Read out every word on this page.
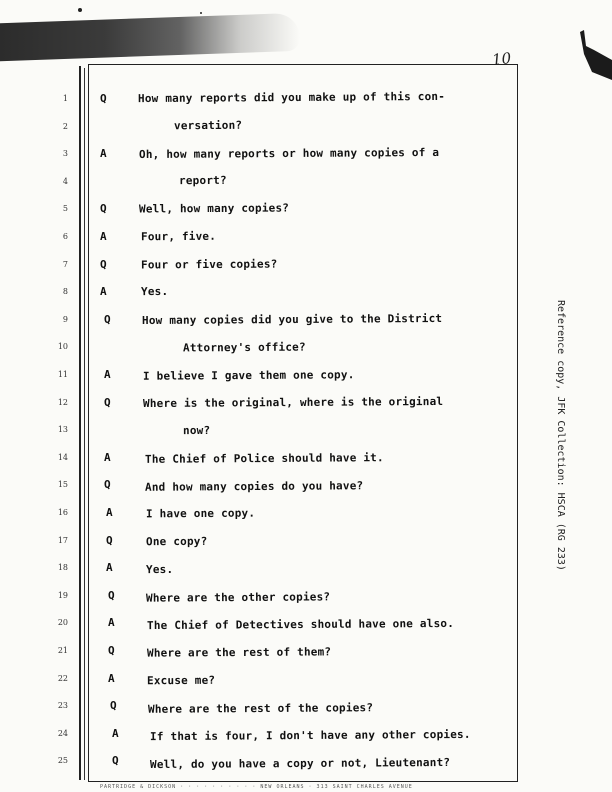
10
1	Q	How many reports did you make up of this con-
2	versation?
3	A	Oh, how many reports or how many copies of a
4	report?
5	Q	Well, how many copies?
6	A	Four, five.
7	Q	Four or five copies?
8	A	Yes.
9	Q	How many copies did you give to the District
10	Attorney's office?
11	A	I believe I gave them one copy.
12	Q	Where is the original, where is the original
13	now?
14	A	The Chief of Police should have it.
15	Q	And how many copies do you have?
16	A	I have one copy.
17	Q	One copy?
18	A	Yes.
19	Q	Where are the other copies?
20	A	The Chief of Detectives should have one also.
21	Q	Where are the rest of them?
22	A	Excuse me?
23	Q	Where are the rest of the copies?
24	A	If that is four, I don't have any other copies.
25	Q	Well, do you have a copy or not, Lieutenant?
Reference copy, JFK Collection: HSCA (RG 233)
PARTRIDGE & DICKSON · · · · · · · · · · NEW ORLEANS · 313 SAINT CHARLES AVENUE
